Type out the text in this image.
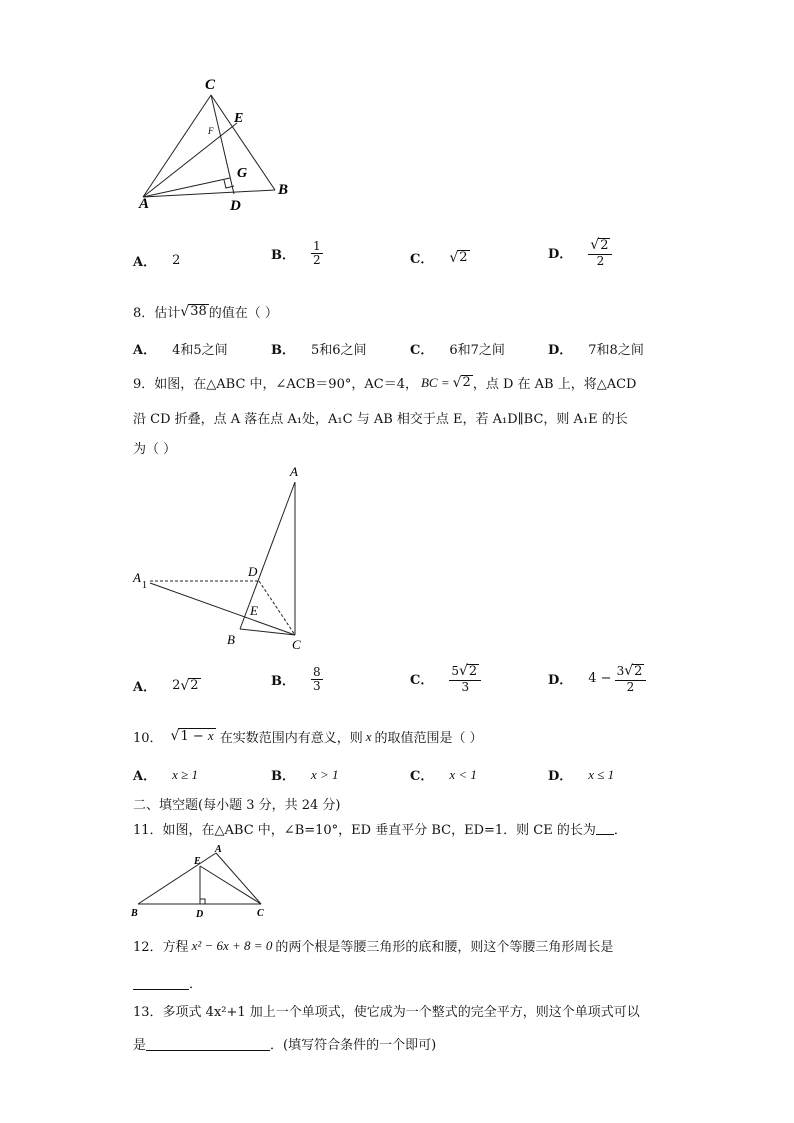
C
E
F
G
A	D
B
A． 2	B． $\frac{1}{2}$	C． √ 2	D． $\frac{√ 2}{2}$
8． 估计 √ 38 的值在（ ）
A． 4和5之间	B． 5和6之间	C． 6和7之间	D． 7和8之间
9．如图，在△ABC 中，∠ACB＝90°，AC＝4， BC = √ 2 ，点 D 在 AB 上，将△ACD
沿 CD 折叠，点 A 落在点 A₁处，A₁C 与 AB 相交于点 E，若 A₁D∥BC，则 A₁E 的长
为（ ）
A
A
1
D
E
B	C
A． 2 √ 2	B． $\frac{8}{3}$	C． $\frac{5 √ 2}{3}$	D． $4 - \frac{3 √ 2}{2}$
10． √ 1 − x 在实数范围内有意义，则 x 的取值范围是（ ）
A． x ≥ 1	B． x > 1	C． x < 1	D． x ≤ 1
二、填空题(每小题 3 分，共 24 分)
11．如图，在△ABC 中，∠B=10°，ED 垂直平分 BC，ED=1．则 CE 的长为 ．
E
A
B	D	C
12． 方程 x ² − 6x + 8 = 0 的两个根是等腰三角形的底和腰，则这个等腰三角形周长是
．
13．多项式 4x²+1 加上一个单项式，使它成为一个整式的完全平方，则这个单项式可以
是	．(填写符合条件的一个即可)
